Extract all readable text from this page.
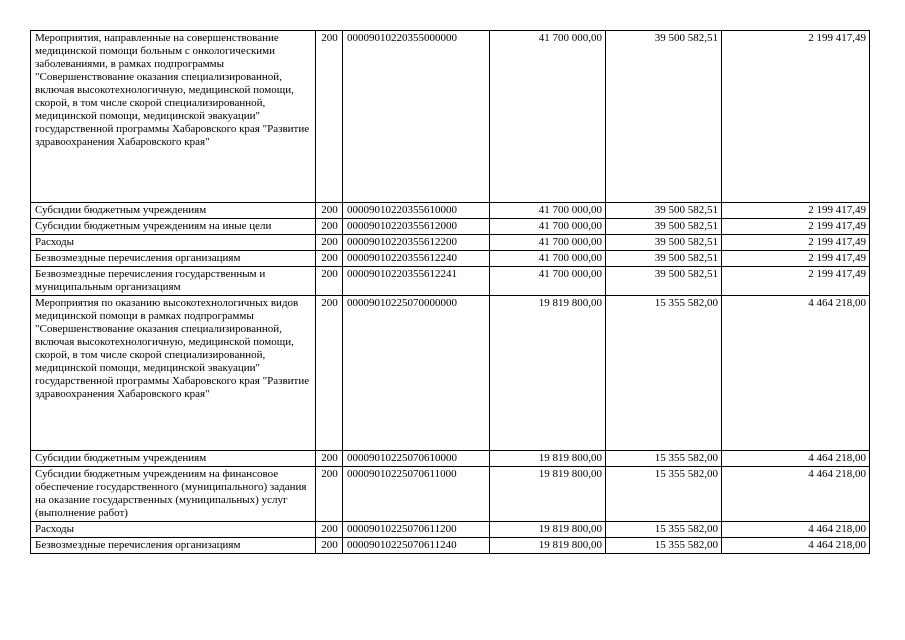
Мероприятия, направленные на совершенствование медицинской помощи больным с онкологическими заболеваниями, в рамках подпрограммы "Совершенствование оказания специализированной, включая высокотехнологичную, медицинской помощи, скорой, в том числе скорой специализированной, медицинской помощи, медицинской эвакуации" государственной программы Хабаровского края "Развитие здравоохранения Хабаровского края"	200	00009010220355000000	41 700 000,00	39 500 582,51	2 199 417,49
Субсидии бюджетным учреждениям	200	00009010220355610000	41 700 000,00	39 500 582,51	2 199 417,49
Субсидии бюджетным учреждениям на иные цели	200	00009010220355612000	41 700 000,00	39 500 582,51	2 199 417,49
Расходы	200	00009010220355612200	41 700 000,00	39 500 582,51	2 199 417,49
Безвозмездные перечисления организациям	200	00009010220355612240	41 700 000,00	39 500 582,51	2 199 417,49
Безвозмездные перечисления государственным и муниципальным организациям	200	00009010220355612241	41 700 000,00	39 500 582,51	2 199 417,49

Мероприятия по оказанию высокотехнологичных видов медицинской помощи в рамках подпрограммы "Совершенствование оказания специализированной, включая высокотехнологичную, медицинской помощи, скорой, в том числе скорой специализированной, медицинской помощи, медицинской эвакуации" государственной программы Хабаровского края "Развитие здравоохранения Хабаровского края"	200	00009010225070000000	19 819 800,00	15 355 582,00	4 464 218,00
Субсидии бюджетным учреждениям	200	00009010225070610000	19 819 800,00	15 355 582,00	4 464 218,00
Субсидии бюджетным учреждениям на финансовое обеспечение государственного (муниципального) задания на оказание государственных (муниципальных) услуг (выполнение работ)	200	00009010225070611000	19 819 800,00	15 355 582,00	4 464 218,00
Расходы	200	00009010225070611200	19 819 800,00	15 355 582,00	4 464 218,00
Безвозмездные перечисления организациям	200	00009010225070611240	19 819 800,00	15 355 582,00	4 464 218,00
